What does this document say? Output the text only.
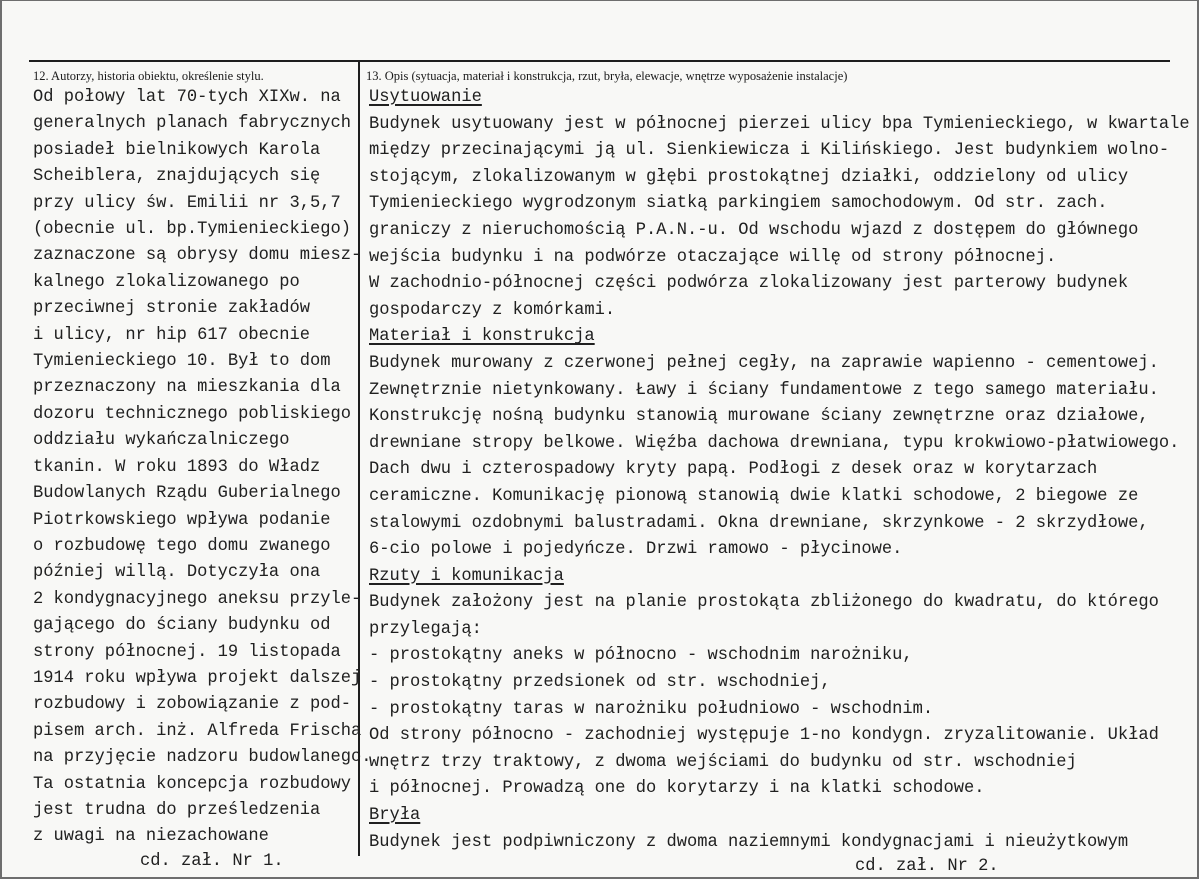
12. Autorzy, historia obiektu, określenie stylu.	13. Opis (sytuacja, materiał i konstrukcja, rzut, bryła, elewacje, wnętrze wyposażenie instalacje)
Od połowy lat 70-tych XIXw. na
generalnych planach fabrycznych
posiadeł bielnikowych Karola
Scheiblera, znajdujących się
przy ulicy św. Emilii nr 3,5,7
(obecnie ul. bp.Tymienieckiego)
zaznaczone są obrysy domu miesz-
kalnego zlokalizowanego po
przeciwnej stronie zakładów
i ulicy, nr hip 617 obecnie
Tymienieckiego 10. Był to dom
przeznaczony na mieszkania dla
dozoru technicznego pobliskiego
oddziału wykańczalniczego
tkanin. W roku 1893 do Władz
Budowlanych Rządu Guberialnego
Piotrkowskiego wpływa podanie
o rozbudowę tego domu zwanego
później willą. Dotyczyła ona
2 kondygnacyjnego aneksu przyle-
gającego do ściany budynku od
strony północnej. 19 listopada
1914 roku wpływa projekt dalszej
rozbudowy i zobowiązanie z pod-
pisem arch. inż. Alfreda Frischa
na przyjęcie nadzoru budowlanego.
Ta ostatnia koncepcja rozbudowy
jest trudna do prześledzenia
z uwagi na niezachowane
cd. zał. Nr 1.
Usytuowanie
Budynek usytuowany jest w północnej pierzei ulicy bpa Tymienieckiego, w kwartale
między przecinającymi ją ul. Sienkiewicza i Kilińskiego. Jest budynkiem wolno-
stojącym, zlokalizowanym w głębi prostokątnej działki, oddzielony od ulicy
Tymienieckiego wygrodzonym siatką parkingiem samochodowym. Od str. zach.
graniczy z nieruchomością P.A.N.-u. Od wschodu wjazd z dostępem do głównego
wejścia budynku i na podwórze otaczające willę od strony północnej.
W zachodnio-północnej części podwórza zlokalizowany jest parterowy budynek
gospodarczy z komórkami.
Materiał i konstrukcja
Budynek murowany z czerwonej pełnej cegły, na zaprawie wapienno - cementowej.
Zewnętrznie nietynkowany. Ławy i ściany fundamentowe z tego samego materiału.
Konstrukcję nośną budynku stanowią murowane ściany zewnętrzne oraz działowe,
drewniane stropy belkowe. Więźba dachowa drewniana, typu krokwiowo-płatwiowego.
Dach dwu i czterospadowy kryty papą. Podłogi z desek oraz w korytarzach
ceramiczne. Komunikację pionową stanowią dwie klatki schodowe, 2 biegowe ze
stalowymi ozdobnymi balustradami. Okna drewniane, skrzynkowe - 2 skrzydłowe,
6-cio polowe i pojedyńcze. Drzwi ramowo - płycinowe.
Rzuty i komunikacja
Budynek założony jest na planie prostokąta zbliżonego do kwadratu, do którego
przylegają:
- prostokątny aneks w północno - wschodnim narożniku,
- prostokątny przedsionek od str. wschodniej,
- prostokątny taras w narożniku południowo - wschodnim.
Od strony północno - zachodniej występuje 1-no kondygn. zryzalitowanie. Układ
wnętrz trzy traktowy, z dwoma wejściami do budynku od str. wschodniej
i północnej. Prowadzą one do korytarzy i na klatki schodowe.
Bryła
Budynek jest podpiwniczony z dwoma naziemnymi kondygnacjami i nieużytkowym
cd. zał. Nr 2.
